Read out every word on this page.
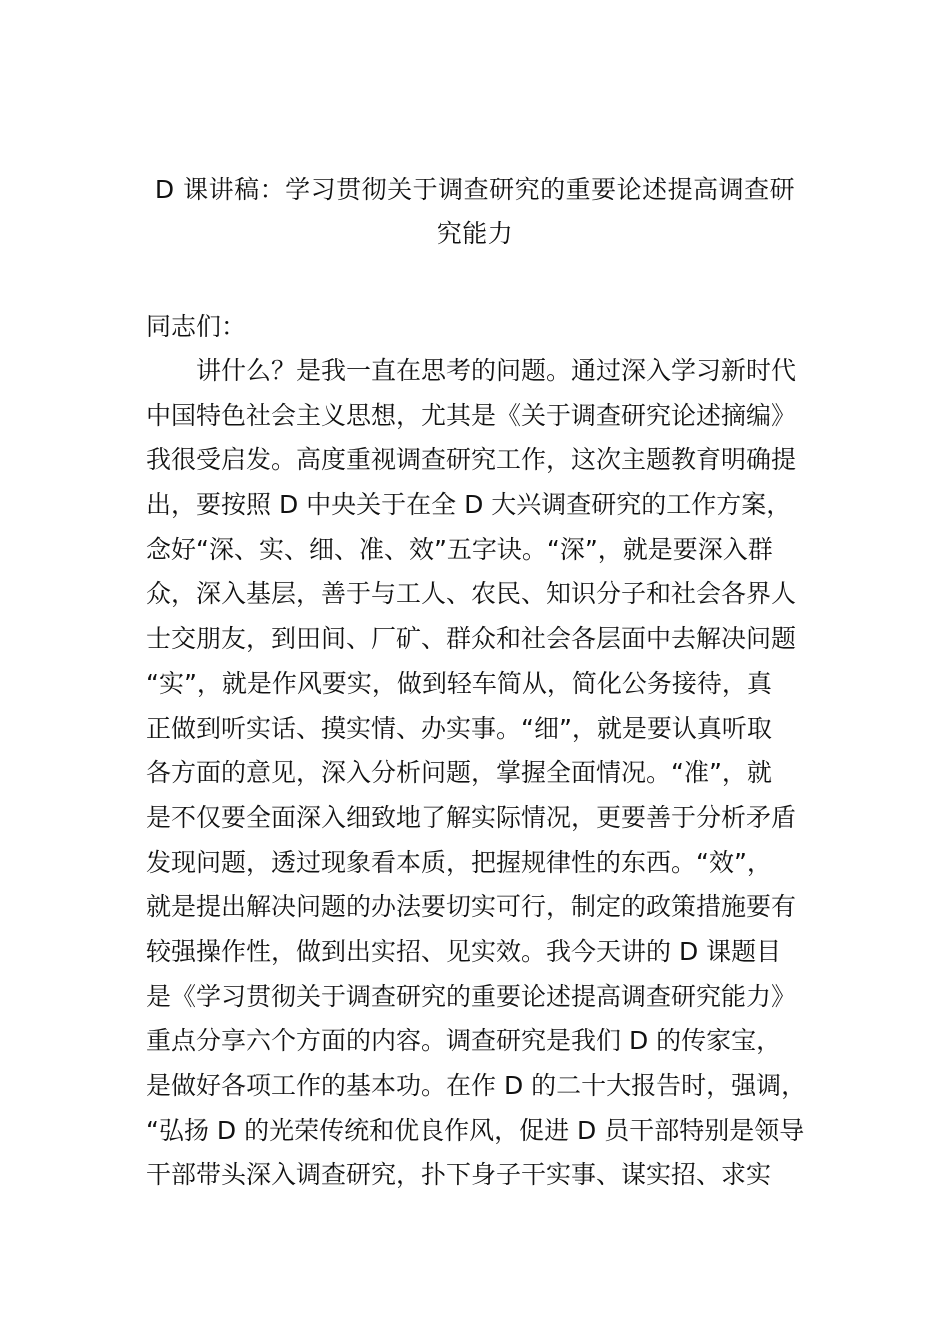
D 课讲稿：学习贯彻关于调查研究的重要论述提高调查研
究能力
同志们：
讲什么？是我一直在思考的问题。通过深入学习新时代
中国特色社会主义思想，尤其是《关于调查研究论述摘编》
我很受启发。高度重视调查研究工作，这次主题教育明确提
出，要按照 D 中央关于在全 D 大兴调查研究的工作方案，
念好“深、实、细、准、效”五字诀。“深”，就是要深入群
众，深入基层，善于与工人、农民、知识分子和社会各界人
士交朋友，到田间、厂矿、群众和社会各层面中去解决问题
“实”，就是作风要实，做到轻车简从，简化公务接待，真
正做到听实话、摸实情、办实事。“细”，就是要认真听取
各方面的意见，深入分析问题，掌握全面情况。“准”，就
是不仅要全面深入细致地了解实际情况，更要善于分析矛盾
发现问题，透过现象看本质，把握规律性的东西。“效”，
就是提出解决问题的办法要切实可行，制定的政策措施要有
较强操作性，做到出实招、见实效。我今天讲的 D 课题目
是《学习贯彻关于调查研究的重要论述提高调查研究能力》
重点分享六个方面的内容。调查研究是我们 D 的传家宝，
是做好各项工作的基本功。在作 D 的二十大报告时，强调，
“弘扬 D 的光荣传统和优良作风，促进 D 员干部特别是领导
干部带头深入调查研究，扑下身子干实事、谋实招、求实
